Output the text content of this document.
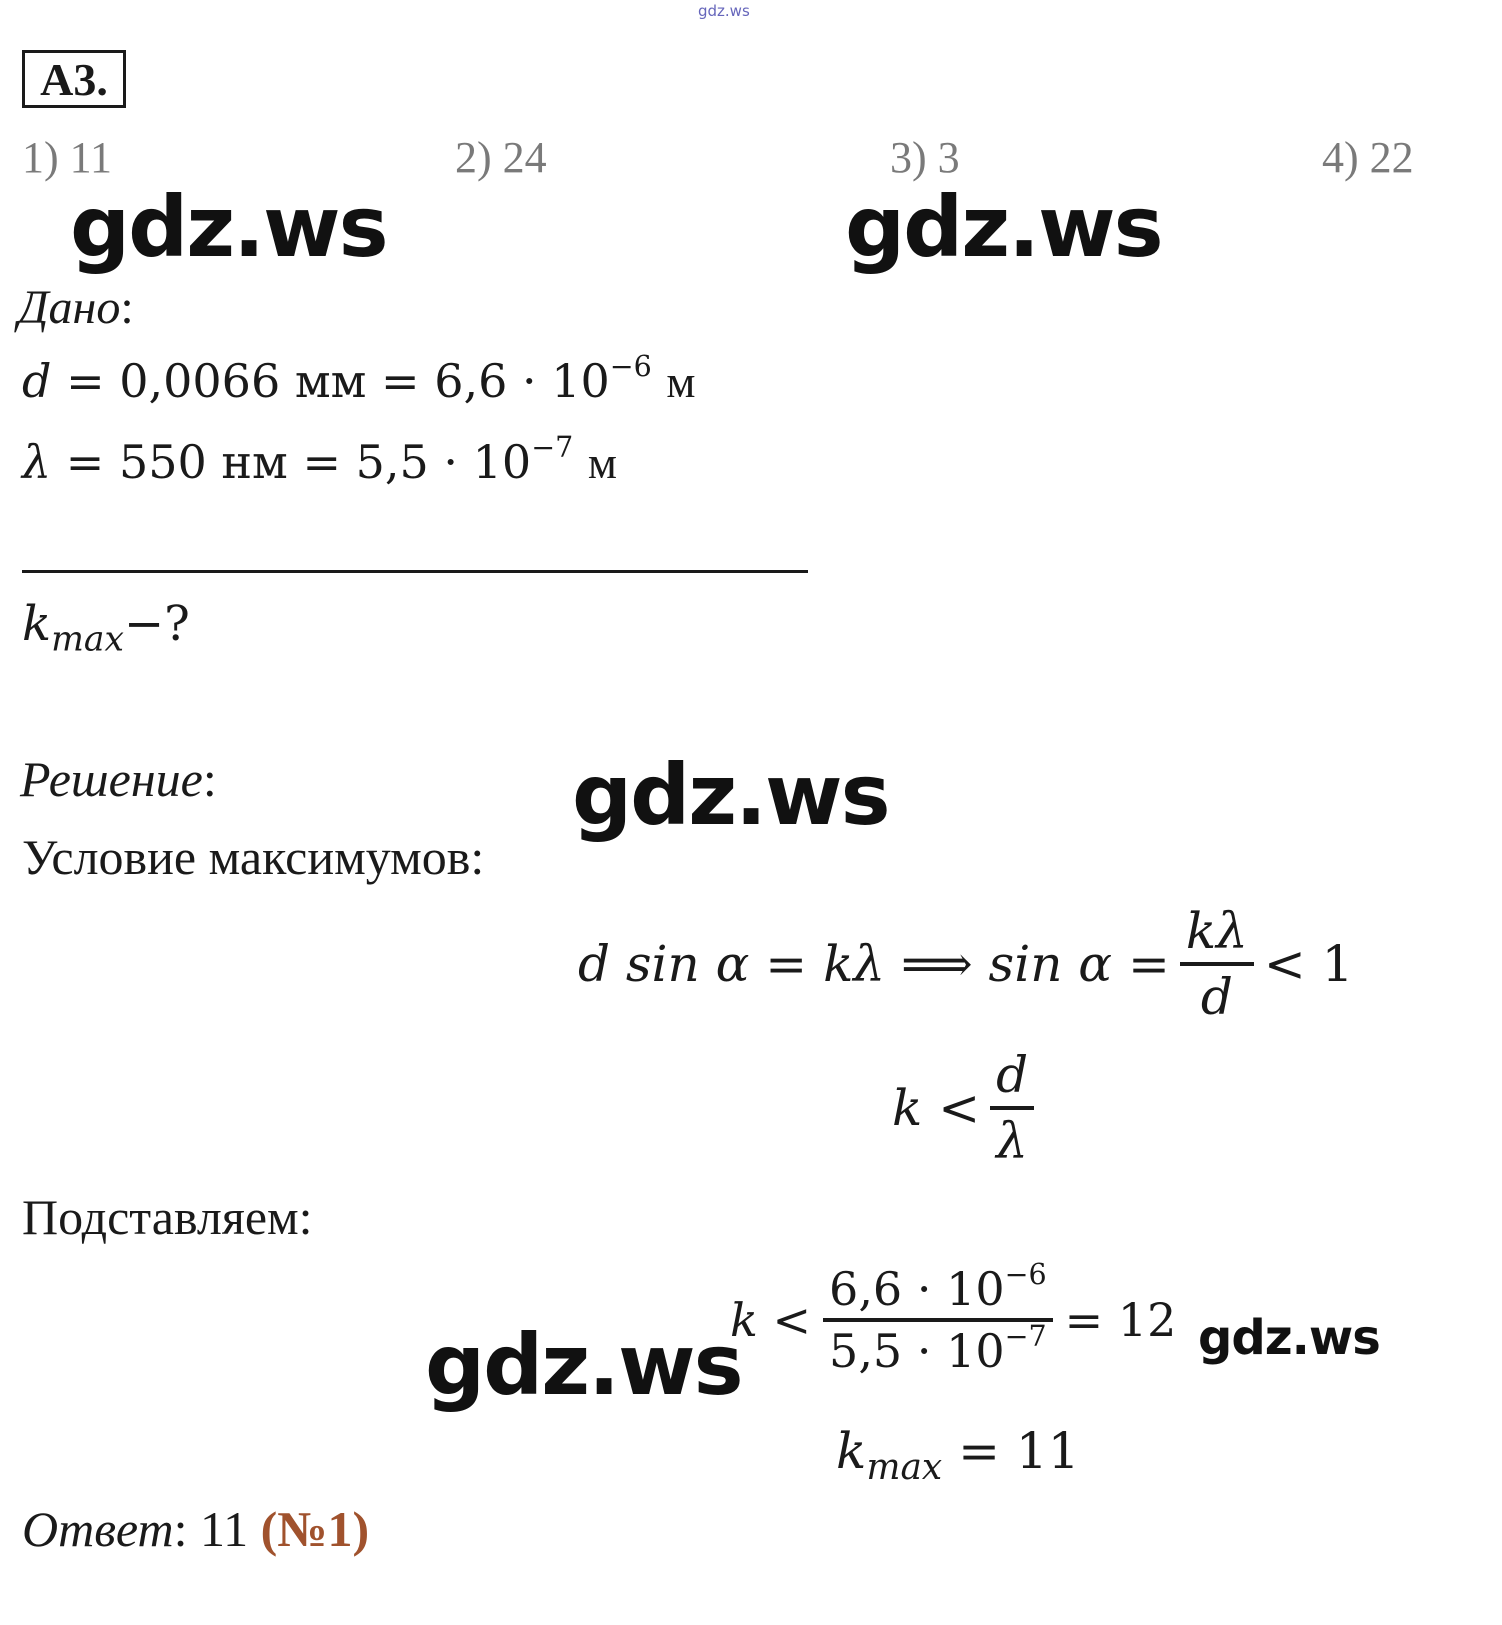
gdz.ws
А3.
1) 11	2) 24	3) 3	4) 22
gdz.ws	gdz.ws
gdz.ws
gdz.ws	gdz.ws
Дано:
d = 0,0066 мм = $6,6 \cdot 10^{-6}$ м
λ = 550 нм = $5,5 \cdot 10^{-7}$ м
$k_{max}-$?
Решение:
Условие максимумов:
d sin α = kλ ⟹ $\sin \alpha = \frac{k\lambda}{d} < 1$
$k < \frac{d}{\lambda}$
Подставляем:
$k < \frac{6,6 \cdot 10^{-6}}{5,5 \cdot 10^{-7}} = 12$
$k_{max} = 11$
Ответ: 11 (№1)
